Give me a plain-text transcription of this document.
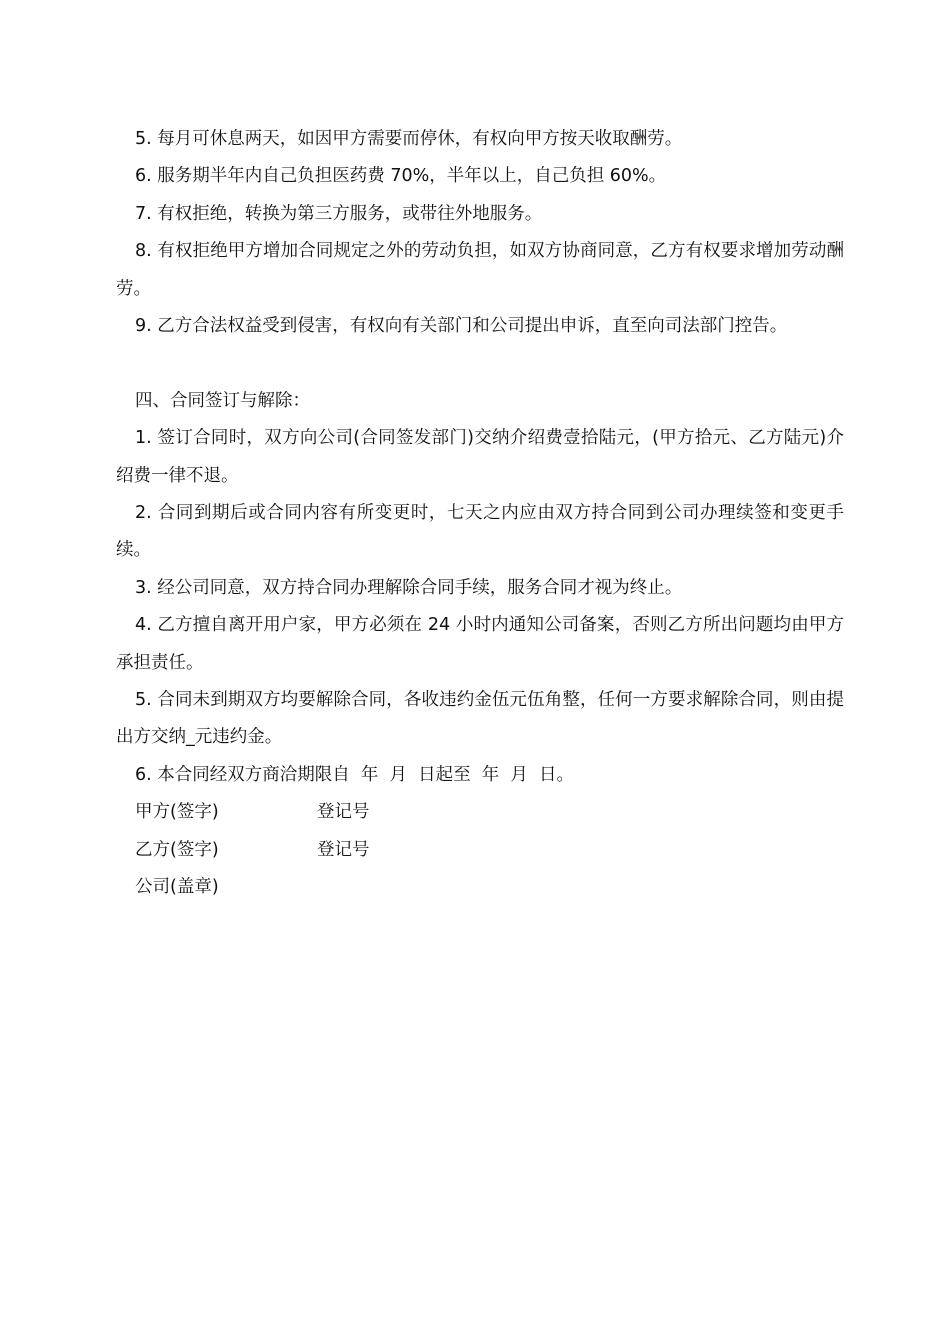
5. 每月可休息两天，如因甲方需要而停休，有权向甲方按天收取酬劳。

6. 服务期半年内自己负担医药费 70%，半年以上，自己负担 60%。

7. 有权拒绝，转换为第三方服务，或带往外地服务。

8. 有权拒绝甲方增加合同规定之外的劳动负担，如双方协商同意，乙方有权要求增加劳动酬劳。

9. 乙方合法权益受到侵害，有权向有关部门和公司提出申诉，直至向司法部门控告。

四、合同签订与解除：

1. 签订合同时，双方向公司(合同签发部门)交纳介绍费壹拾陆元，(甲方拾元、乙方陆元)介绍费一律不退。

2. 合同到期后或合同内容有所变更时，七天之内应由双方持合同到公司办理续签和变更手续。

3. 经公司同意，双方持合同办理解除合同手续，服务合同才视为终止。

4. 乙方擅自离开用户家，甲方必须在 24 小时内通知公司备案，否则乙方所出问题均由甲方承担责任。

5. 合同未到期双方均要解除合同，各收违约金伍元伍角整，任何一方要求解除合同，则由提出方交纳_元违约金。

6. 本合同经双方商洽期限自  年  月  日起至  年  月  日。

甲方(签字)	登记号
乙方(签字)	登记号
公司(盖章)
